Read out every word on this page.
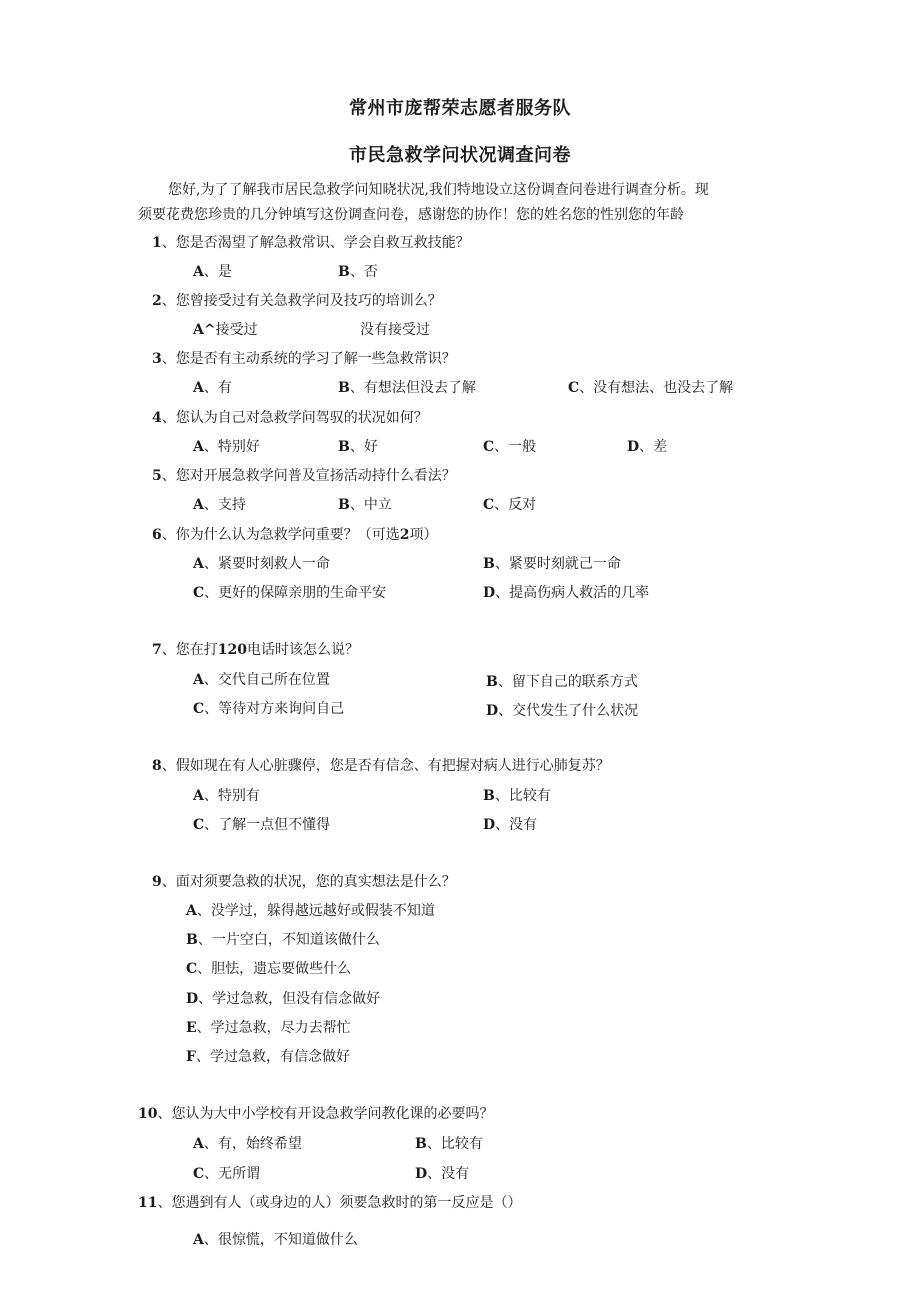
常州市庞帮荣志愿者服务队
市民急救学问状况调查问卷
您好,为了了解我市居民急救学问知晓状况,我们特地设立这份调查问卷进行调查分析。现
须要花费您珍贵的几分钟填写这份调查问卷，感谢您的协作！您的姓名您的性别您的年龄
1、您是否渴望了解急救常识、学会自救互救技能？
A、是	B、否
2、您曾接受过有关急救学问及技巧的培训么？
A^接受过	没有接受过
3、您是否有主动系统的学习了解一些急救常识？
A、有	B、有想法但没去了解	C、没有想法、也没去了解
4、您认为自己对急救学问驾驭的状况如何？
A、特别好	B、好	C、一般	D、差
5、您对开展急救学问普及宣扬活动持什么看法？
A、支持	B、中立	C、反对
6、你为什么认为急救学问重要？（可选2项）
A、紧要时刻救人一命	B、紧要时刻就己一命
C、更好的保障亲朋的生命平安	D、提高伤病人救活的几率
7、您在打120电话时该怎么说？
A、交代自己所在位置	B、留下自己的联系方式
C、等待对方来询问自己	D、交代发生了什么状况
8、假如现在有人心脏骤停，您是否有信念、有把握对病人进行心肺复苏？
A、特别有	B、比较有
C、了解一点但不懂得	D、没有
9、面对须要急救的状况，您的真实想法是什么？
A、没学过，躲得越远越好或假装不知道
B、一片空白，不知道该做什么
C、胆怯，遗忘要做些什么
D、学过急救，但没有信念做好
E、学过急救，尽力去帮忙
F、学过急救，有信念做好
10、您认为大中小学校有开设急救学问教化课的必要吗？
A、有，始终希望	B、比较有
C、无所谓	D、没有
11、您遇到有人（或身边的人）须要急救时的第一反应是（）
A、很惊慌，不知道做什么
